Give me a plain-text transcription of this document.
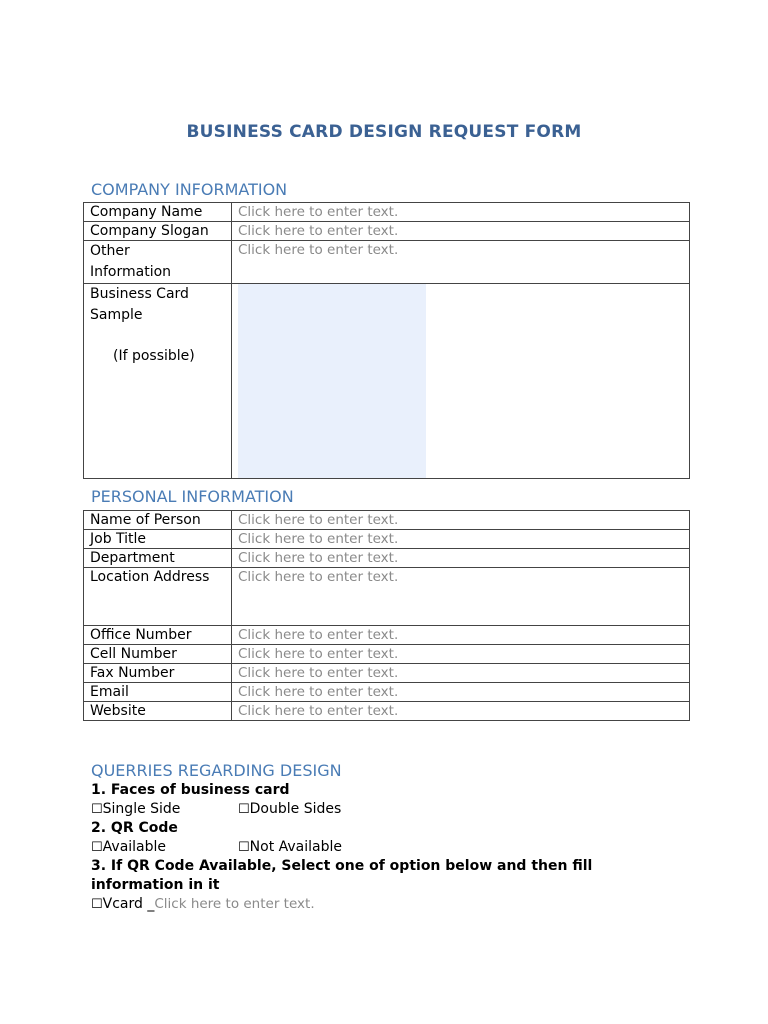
BUSINESS CARD DESIGN REQUEST FORM
COMPANY INFORMATION
Company Name	Click here to enter text.
Company Slogan	Click here to enter text.

Other
Information	Click here to enter text.

Business Card
Sample
(If possible)	

PERSONAL INFORMATION
Name of Person	Click here to enter text.
Job Title	Click here to enter text.
Department	Click here to enter text.
Location Address	Click here to enter text.
Office Number	Click here to enter text.
Cell Number	Click here to enter text.
Fax Number	Click here to enter text.
Email	Click here to enter text.
Website	Click here to enter text.
QUERRIES REGARDING DESIGN
1. Faces of business card
☐Single Side	☐Double Sides
2. QR Code
☐Available	☐Not Available
3. If QR Code Available, Select one of option below and then fill
information in it
☐Vcard _Click here to enter text.
